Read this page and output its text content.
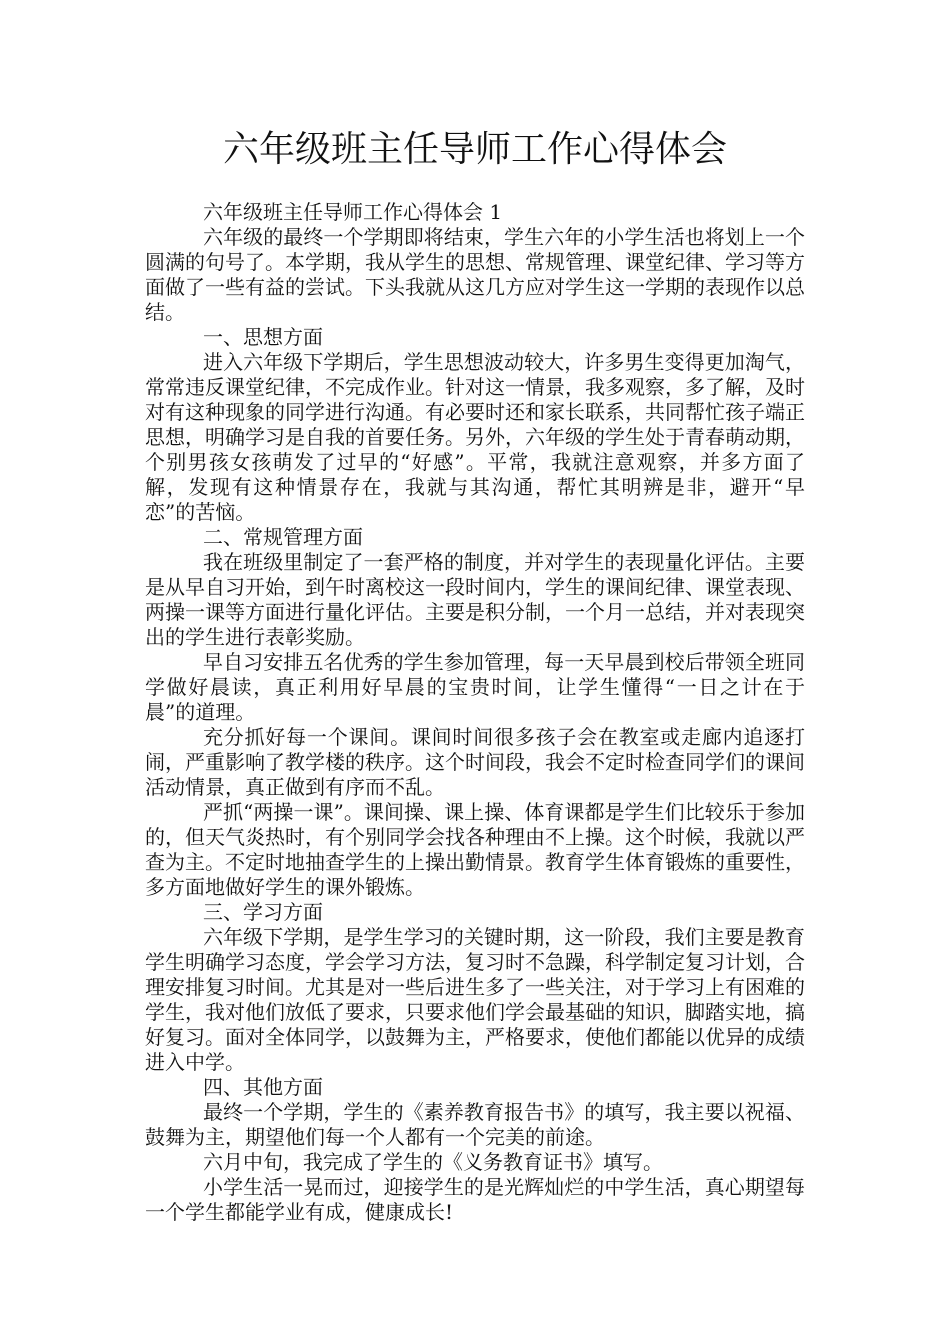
六年级班主任导师工作心得体会

六年级班主任导师工作心得体会 1

六年级的最终一个学期即将结束，学生六年的小学生活也将划上一个圆满的句号了。本学期，我从学生的思想、常规管理、课堂纪律、学习等方面做了一些有益的尝试。下头我就从这几方应对学生这一学期的表现作以总结。

一、思想方面

进入六年级下学期后，学生思想波动较大，许多男生变得更加淘气，常常违反课堂纪律，不完成作业。针对这一情景，我多观察，多了解，及时对有这种现象的同学进行沟通。有必要时还和家长联系，共同帮忙孩子端正思想，明确学习是自我的首要任务。另外，六年级的学生处于青春萌动期，个别男孩女孩萌发了过早的“好感”。平常，我就注意观察，并多方面了解，发现有这种情景存在，我就与其沟通，帮忙其明辨是非，避开“早恋”的苦恼。

二、常规管理方面

我在班级里制定了一套严格的制度，并对学生的表现量化评估。主要是从早自习开始，到午时离校这一段时间内，学生的课间纪律、课堂表现、两操一课等方面进行量化评估。主要是积分制，一个月一总结，并对表现突出的学生进行表彰奖励。

早自习安排五名优秀的学生参加管理，每一天早晨到校后带领全班同学做好晨读，真正利用好早晨的宝贵时间，让学生懂得“一日之计在于晨”的道理。

充分抓好每一个课间。课间时间很多孩子会在教室或走廊内追逐打闹，严重影响了教学楼的秩序。这个时间段，我会不定时检查同学们的课间活动情景，真正做到有序而不乱。

严抓“两操一课”。课间操、课上操、体育课都是学生们比较乐于参加的，但天气炎热时，有个别同学会找各种理由不上操。这个时候，我就以严查为主。不定时地抽查学生的上操出勤情景。教育学生体育锻炼的重要性，多方面地做好学生的课外锻炼。

三、学习方面

六年级下学期，是学生学习的关键时期，这一阶段，我们主要是教育学生明确学习态度，学会学习方法，复习时不急躁，科学制定复习计划，合理安排复习时间。尤其是对一些后进生多了一些关注，对于学习上有困难的学生，我对他们放低了要求，只要求他们学会最基础的知识，脚踏实地，搞好复习。面对全体同学，以鼓舞为主，严格要求，使他们都能以优异的成绩进入中学。

四、其他方面

最终一个学期，学生的《素养教育报告书》的填写，我主要以祝福、鼓舞为主，期望他们每一个人都有一个完美的前途。

六月中旬，我完成了学生的《义务教育证书》填写。

小学生活一晃而过，迎接学生的是光辉灿烂的中学生活，真心期望每一个学生都能学业有成，健康成长!
